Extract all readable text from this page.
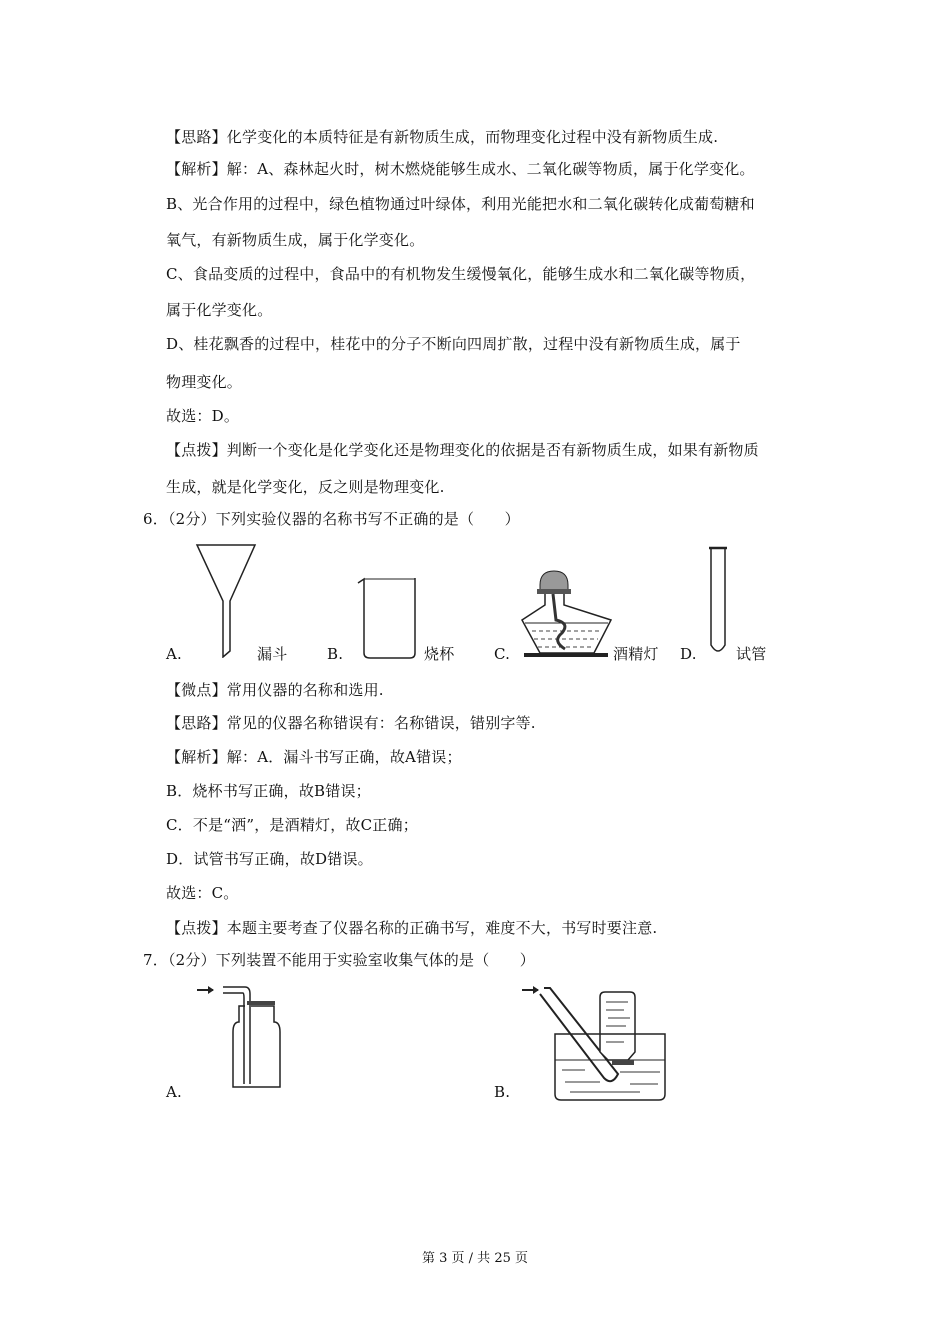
【思路】化学变化的本质特征是有新物质生成，而物理变化过程中没有新物质生成.
【解析】解：A、森林起火时，树木燃烧能够生成水、二氧化碳等物质，属于化学变化。
B、光合作用的过程中，绿色植物通过叶绿体，利用光能把水和二氧化碳转化成葡萄糖和
氧气，有新物质生成，属于化学变化。
C、食品变质的过程中，食品中的有机物发生缓慢氧化，能够生成水和二氧化碳等物质，
属于化学变化。
D、桂花飘香的过程中，桂花中的分子不断向四周扩散，过程中没有新物质生成，属于
物理变化。
故选：D。
【点拨】判断一个变化是化学变化还是物理变化的依据是否有新物质生成，如果有新物质
生成，就是化学变化，反之则是物理变化.
6．（2分）下列实验仪器的名称书写不正确的是（　　）
A.	漏斗	B.	烧杯	C.	酒精灯 D.	试管
【微点】常用仪器的名称和选用.
【思路】常见的仪器名称错误有：名称错误，错别字等.
【解析】解：A．漏斗书写正确，故A错误；
B．烧杯书写正确，故B错误；
C．不是“洒”，是酒精灯，故C正确；
D．试管书写正确，故D错误。
故选：C。
【点拨】本题主要考查了仪器名称的正确书写，难度不大，书写时要注意.
7．（2分）下列装置不能用于实验室收集气体的是（　　）
A.	B.
第 3 页 / 共 25 页
